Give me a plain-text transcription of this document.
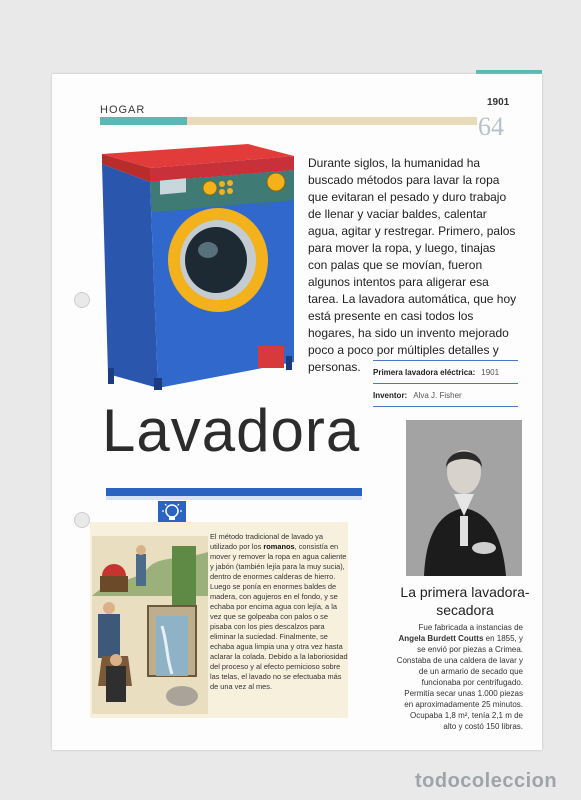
HOGAR
1901
64

Durante siglos, la humanidad ha buscado métodos para lavar la ropa que evitaran el pesado y duro trabajo de llenar y vaciar baldes, calentar agua, agitar y restregar. Primero, palos para mover la ropa, y luego, tinajas con palas que se movían, fueron algunos intentos para aligerar esa tarea. La lavadora automática, que hoy está presente en casi todos los hogares, ha sido un invento mejorado poco a poco por múltiples detalles y personas.	Primera lavadora eléctrica: 1901
Inventor: Alva J. Fisher
Lavadora

La primera lavadora-secadora

Fue fabricada a instancias de Angela Burdett Coutts en 1855, y se envió por piezas a Crimea. Constaba de una caldera de lavar y de un armario de secado que funcionaba por centrifugado. Permitía secar unas 1.000 piezas en aproximadamente 25 minutos. Ocupaba 1,8 m², tenía 2,1 m de alto y costó 150 libras.

El método tradicional de lavado ya utilizado por los romanos, consistía en mover y remover la ropa en agua caliente y jabón (también lejía para la muy sucia), dentro de enormes calderas de hierro. Luego se ponía en enormes baldes de madera, con agujeros en el fondo, y se echaba por encima agua con lejía, a la vez que se golpeaba con palos o se pisaba con los pies descalzos para eliminar la suciedad. Finalmente, se echaba agua limpia una y otra vez hasta aclarar la colada. Debido a la laboriosidad del proceso y al efecto pernicioso sobre las telas, el lavado no se efectuaba más de una vez al mes.

todocoleccion
